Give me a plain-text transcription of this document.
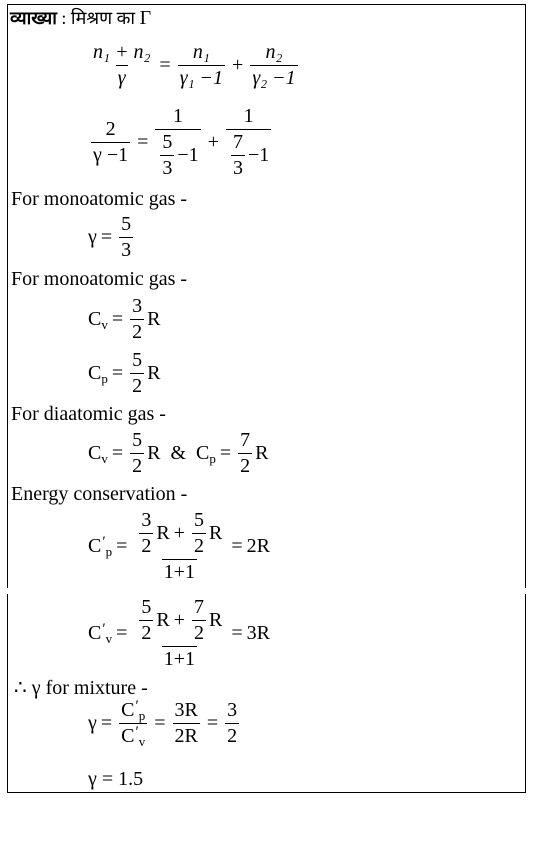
व्याख्या : मिश्रण का Γ
$\frac{\text{n₁ + n₂}}{\gamma} = \frac{\text{n₁}}{\text{γ₁ −1}} + \frac{\text{n₂}}{\text{γ₂ −1}}$
$\frac{2}{\gamma -1} = \frac{1}{\frac{5}{3} -1} + \frac{1}{\frac{7}{3} -1}$
For monoatomic gas -
$\gamma = \frac{5}{3}$
For monoatomic gas -
$C_v = \frac{3}{2}$ R
$C_p = \frac{5}{2}$ R
For diaatomic gas -
$C_v = \frac{5}{2}$ R & $C_p = \frac{7}{2}$ R
Energy conservation -
$C'_p = \frac{\frac{3}{2} R + \frac{5}{2} R}{1+1} = 2R$
$C'_v = \frac{\frac{5}{2} R + \frac{7}{2} R}{1+1} = 3R$
∴ γ for mixture -
$\gamma = \frac{C'_p}{C'_v} = \frac{3R}{2R} = \frac{3}{2}$
γ = 1.5
